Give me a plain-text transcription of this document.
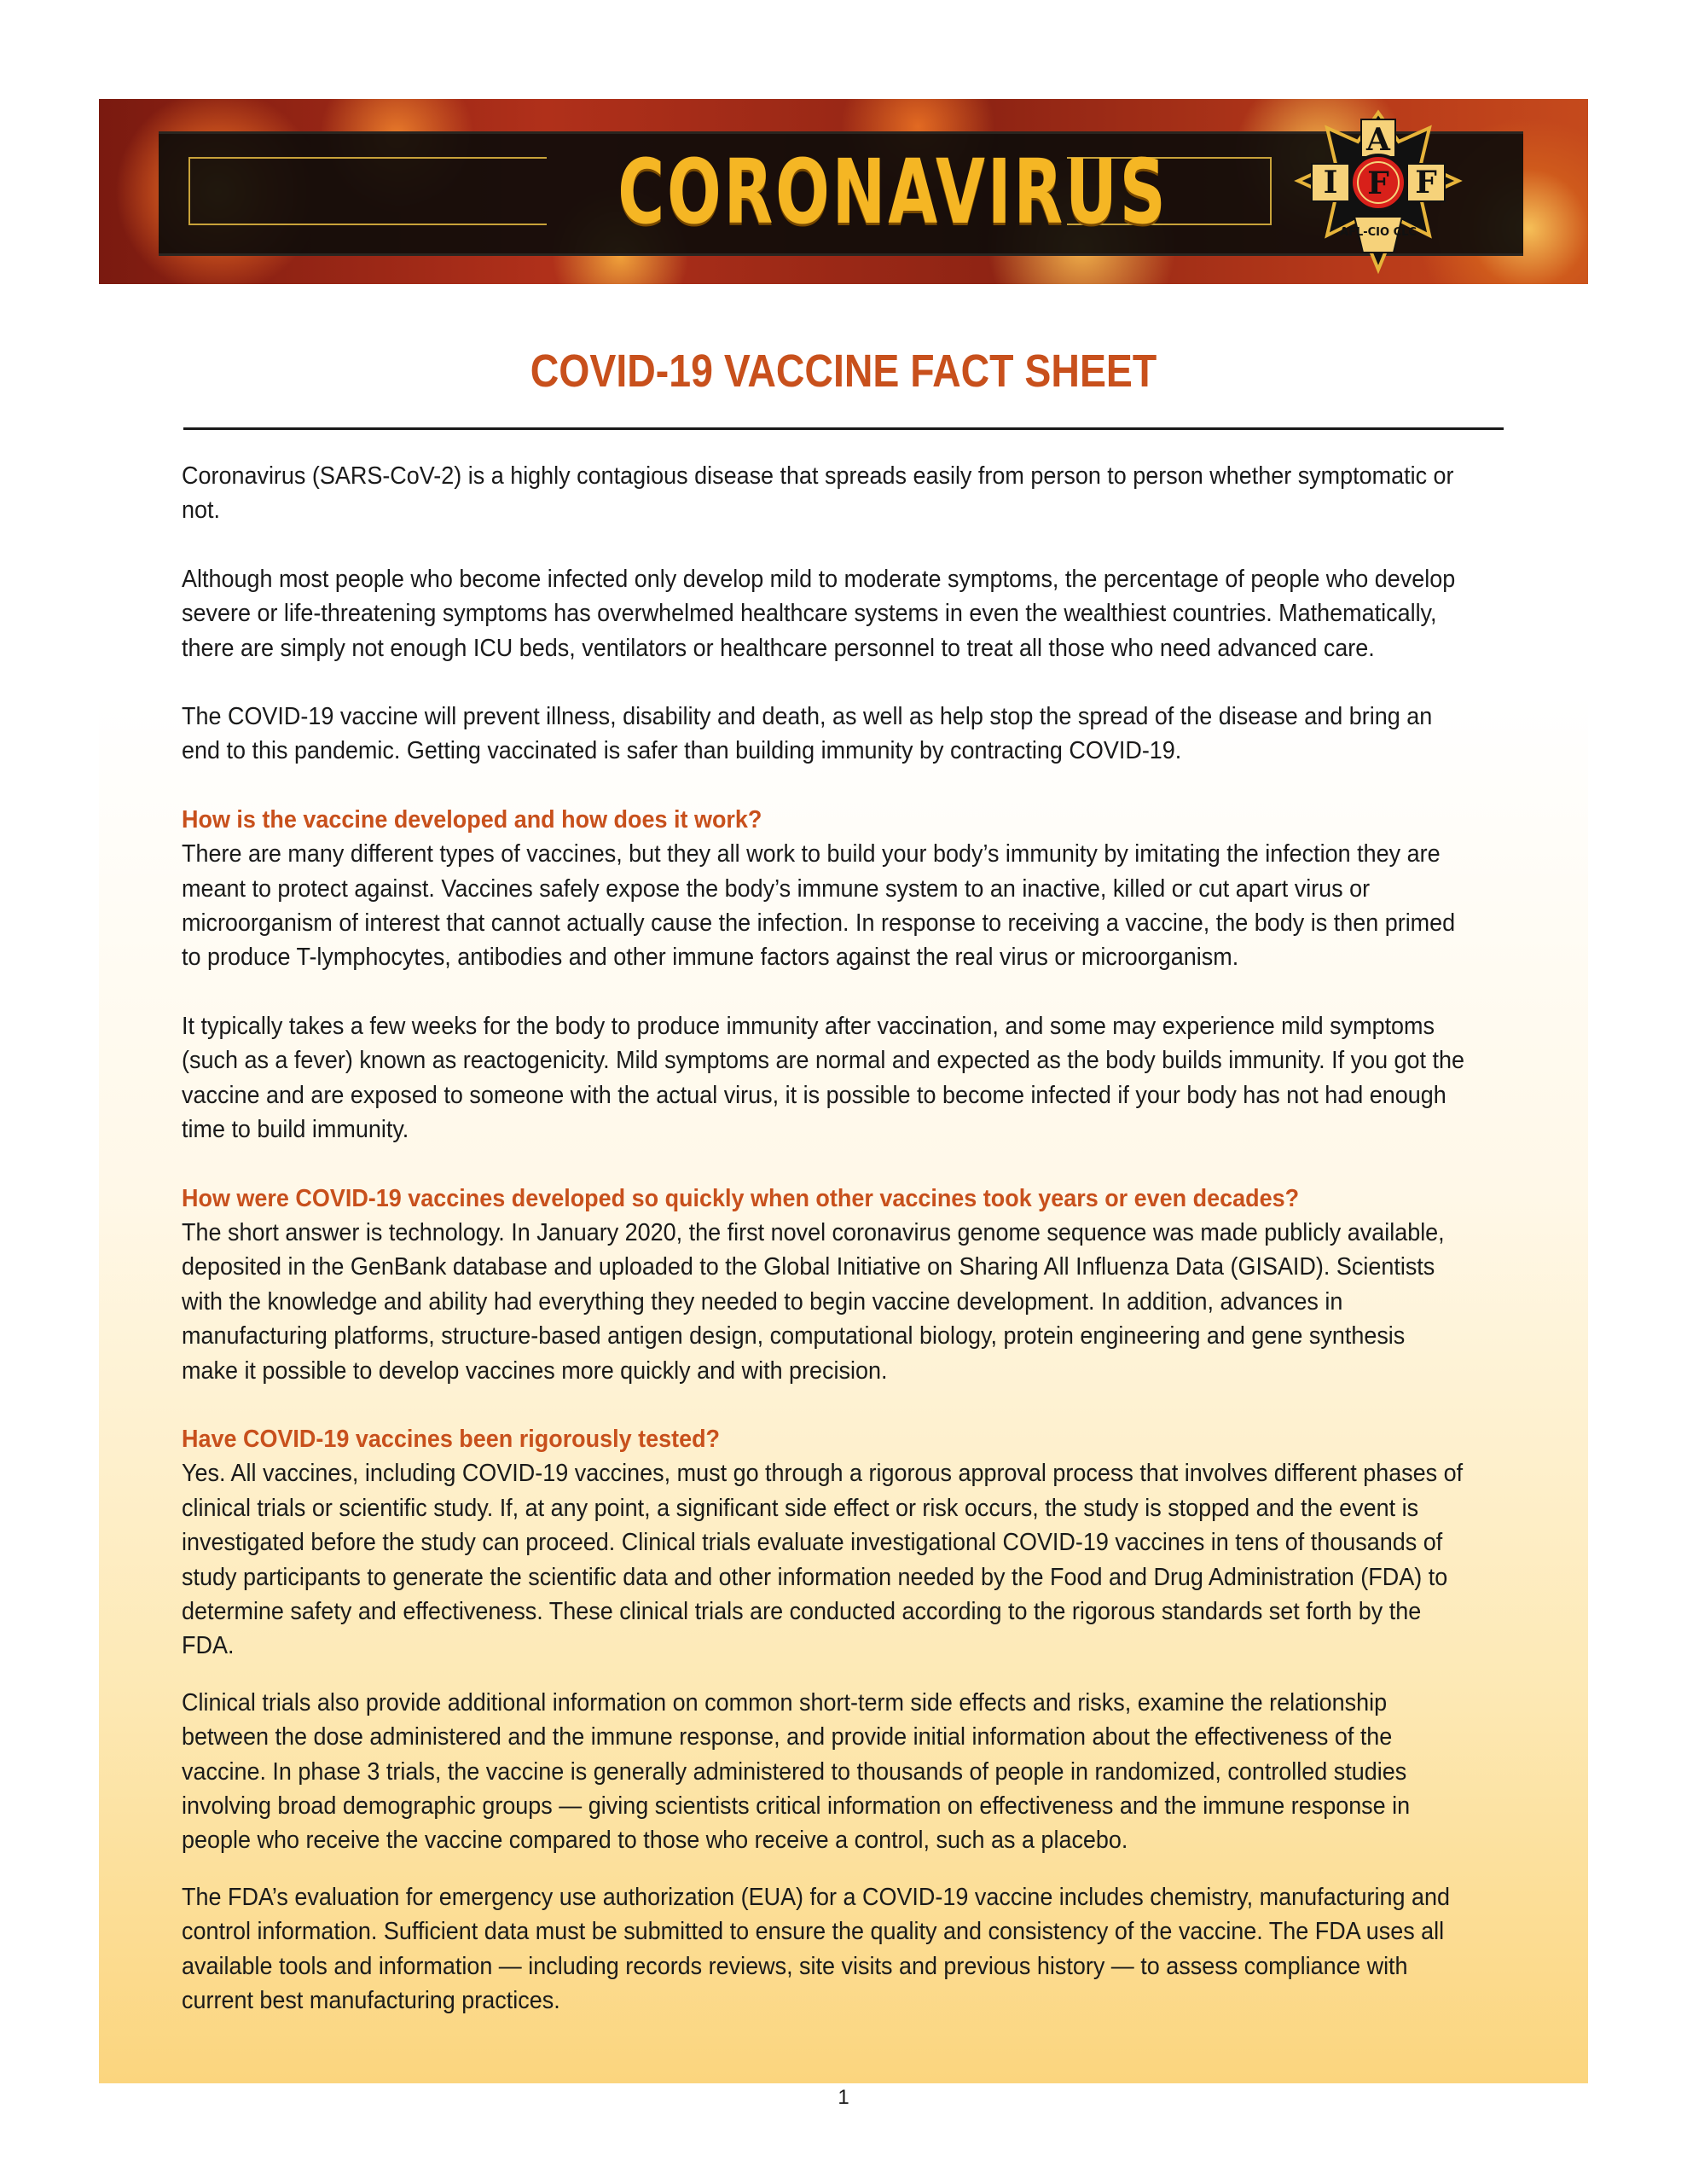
CORONAVIRUS	A
I F F
AFL-CIO CLC
COVID-19 VACCINE FACT SHEET

Coronavirus (SARS-CoV-2) is a highly contagious disease that spreads easily from person to person whether symptomatic or not.

Although most people who become infected only develop mild to moderate symptoms, the percentage of people who develop severe or life-threatening symptoms has overwhelmed healthcare systems in even the wealthiest countries. Mathematically, there are simply not enough ICU beds, ventilators or healthcare personnel to treat all those who need advanced care.

The COVID-19 vaccine will prevent illness, disability and death, as well as help stop the spread of the disease and bring an end to this pandemic. Getting vaccinated is safer than building immunity by contracting COVID-19.

How is the vaccine developed and how does it work?

There are many different types of vaccines, but they all work to build your body’s immunity by imitating the infection they are meant to protect against. Vaccines safely expose the body’s immune system to an inactive, killed or cut apart virus or microorganism of interest that cannot actually cause the infection. In response to receiving a vaccine, the body is then primed to produce T-lymphocytes, antibodies and other immune factors against the real virus or microorganism.

It typically takes a few weeks for the body to produce immunity after vaccination, and some may experience mild symptoms (such as a fever) known as reactogenicity. Mild symptoms are normal and expected as the body builds immunity. If you got the vaccine and are exposed to someone with the actual virus, it is possible to become infected if your body has not had enough time to build immunity.

How were COVID-19 vaccines developed so quickly when other vaccines took years or even decades?

The short answer is technology. In January 2020, the first novel coronavirus genome sequence was made publicly available, deposited in the GenBank database and uploaded to the Global Initiative on Sharing All Influenza Data (GISAID). Scientists with the knowledge and ability had everything they needed to begin vaccine development. In addition, advances in manufacturing platforms, structure-based antigen design, computational biology, protein engineering and gene synthesis make it possible to develop vaccines more quickly and with precision.

Have COVID-19 vaccines been rigorously tested?

Yes. All vaccines, including COVID-19 vaccines, must go through a rigorous approval process that involves different phases of clinical trials or scientific study. If, at any point, a significant side effect or risk occurs, the study is stopped and the event is investigated before the study can proceed. Clinical trials evaluate investigational COVID-19 vaccines in tens of thousands of study participants to generate the scientific data and other information needed by the Food and Drug Administration (FDA) to determine safety and effectiveness. These clinical trials are conducted according to the rigorous standards set forth by the FDA.

Clinical trials also provide additional information on common short-term side effects and risks, examine the relationship between the dose administered and the immune response, and provide initial information about the effectiveness of the vaccine. In phase 3 trials, the vaccine is generally administered to thousands of people in randomized, controlled studies involving broad demographic groups — giving scientists critical information on effectiveness and the immune response in people who receive the vaccine compared to those who receive a control, such as a placebo.

The FDA’s evaluation for emergency use authorization (EUA) for a COVID-19 vaccine includes chemistry, manufacturing and control information. Sufficient data must be submitted to ensure the quality and consistency of the vaccine. The FDA uses all available tools and information — including records reviews, site visits and previous history — to assess compliance with current best manufacturing practices.

1
